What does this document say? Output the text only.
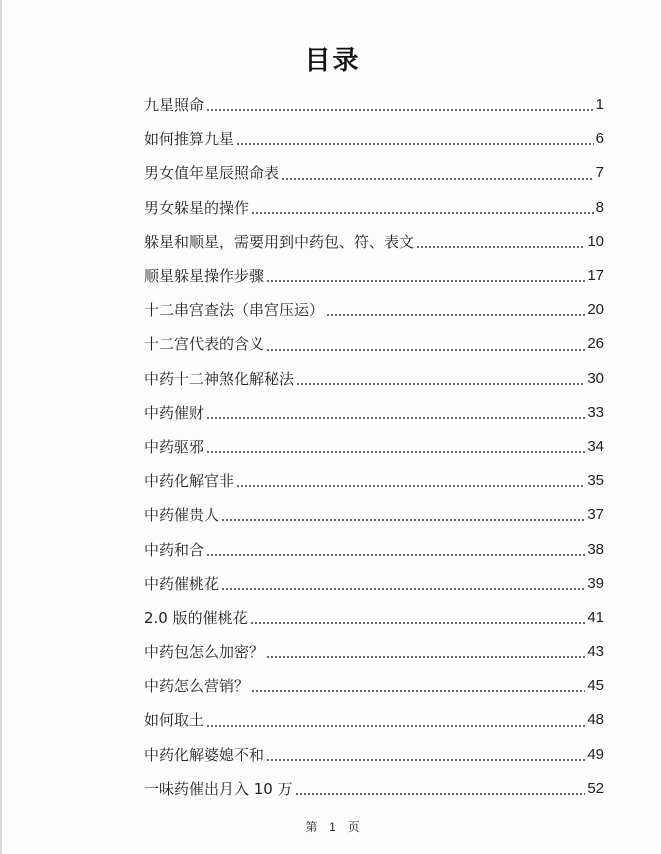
目录
九星照命	1
如何推算九星	6
男女值年星辰照命表	7
男女躲星的操作	8
躲星和顺星，需要用到中药包、符、表文	10
顺星躲星操作步骤	17
十二串宫查法（串宫压运）	20
十二宫代表的含义	26
中药十二神煞化解秘法	30
中药催财	33
中药驱邪	34
中药化解官非	35
中药催贵人	37
中药和合	38
中药催桃花	39
2.0 版的催桃花	41
中药包怎么加密？	43
中药怎么营销？	45
如何取土	48
中药化解婆媳不和	49
一味药催出月入 10 万	52
第 1 页
